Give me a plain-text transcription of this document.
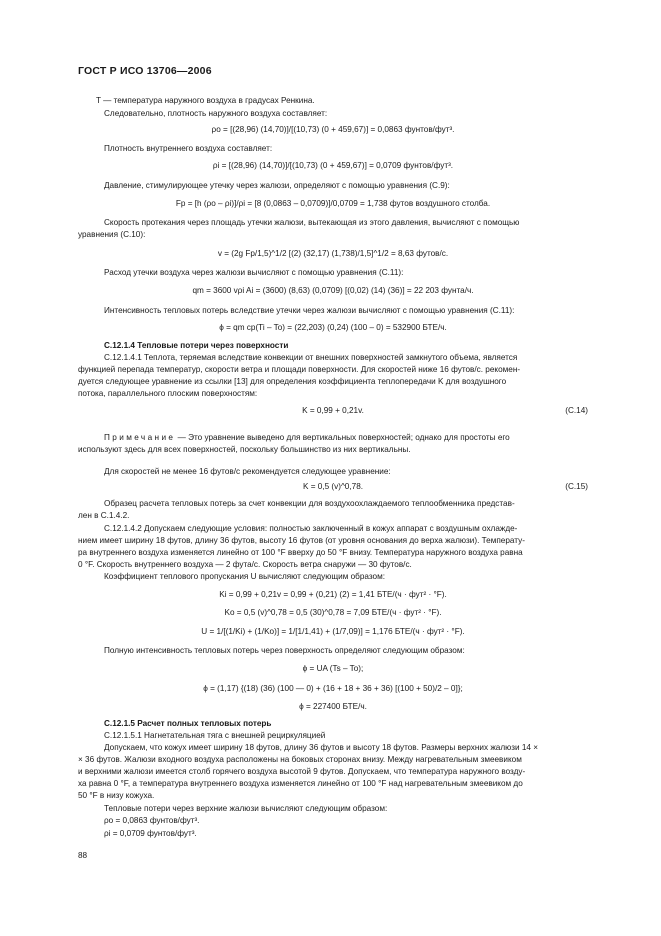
ГОСТ Р ИСО 13706—2006
T — температура наружного воздуха в градусах Ренкина.
Следовательно, плотность наружного воздуха составляет:
ρo = [(28,96) (14,70)]/[(10,73) (0 + 459,67)] = 0,0863 фунтов/фут³.
Плотность внутреннего воздуха составляет:
ρi = [(28,96) (14,70)]/[(10,73) (0 + 459,67)] = 0,0709 фунтов/фут³.
Давление, стимулирующее утечку через жалюзи, определяют с помощью уравнения (С.9):
Fp = [h (ρo – ρi)]/ρi = [8 (0,0863 – 0,0709)]/0,0709 = 1,738 футов воздушного столба.
Скорость протекания через площадь утечки жалюзи, вытекающая из этого давления, вычисляют с помощью
уравнения (С.10):
v = (2g Fp/1,5)^1/2 [(2) (32,17) (1,738)/1,5]^1/2 = 8,63 футов/с.
Расход утечки воздуха через жалюзи вычисляют с помощью уравнения (С.11):
qm = 3600 vρi Ai = (3600) (8,63) (0,0709) [(0,02) (14) (36)] = 22 203 фунта/ч.
Интенсивность тепловых потерь вследствие утечки через жалюзи вычисляют с помощью уравнения (С.11):
ϕ = qm cp(Ti – To) = (22,203) (0,24) (100 – 0) = 532900 БТЕ/ч.
С.12.1.4 Тепловые потери через поверхности
С.12.1.4.1 Теплота, теряемая вследствие конвекции от внешних поверхностей замкнутого объема, является
функцией перепада температур, скорости ветра и площади поверхности. Для скоростей ниже 16 футов/с. рекомен-
дуется следующее уравнение из ссылки [13] для определения коэффициента теплопередачи K для воздушного
потока, параллельного плоским поверхностям:
K = 0,99 + 0,21v.	(С.14)
Примечание — Это уравнение выведено для вертикальных поверхностей; однако для простоты его
используют здесь для всех поверхностей, поскольку большинство из них вертикальны.
Для скоростей не менее 16 футов/с рекомендуется следующее уравнение:
K = 0,5 (v)^0,78.	(С.15)
Образец расчета тепловых потерь за счет конвекции для воздухоохлаждаемого теплообменника представ-
лен в С.1.4.2.
С.12.1.4.2 Допускаем следующие условия: полностью заключенный в кожух аппарат с воздушным охлажде-
нием имеет ширину 18 футов, длину 36 футов, высоту 16 футов (от уровня основания до верха жалюзи). Температу-
ра внутреннего воздуха изменяется линейно от 100 °F вверху до 50 °F внизу. Температура наружного воздуха равна
0 °F. Скорость внутреннего воздуха — 2 фута/с. Скорость ветра снаружи — 30 футов/с.
Коэффициент теплового пропускания U вычисляют следующим образом:
Ki = 0,99 + 0,21v = 0,99 + (0,21) (2) = 1,41 БТЕ/(ч · фут² · °F).
Ko = 0,5 (v)^0,78 = 0,5 (30)^0,78 = 7,09 БТЕ/(ч · фут² · °F).
U = 1/[(1/Ki) + (1/Ko)] = 1/[1/1,41) + (1/7,09)] = 1,176 БТЕ/(ч · фут² · °F).
Полную интенсивность тепловых потерь через поверхность определяют следующим образом:
ϕ = UA (Ts – To);
ϕ = (1,17) {(18) (36) (100 — 0) + (16 + 18 + 36 + 36) [(100 + 50)/2 – 0]};
ϕ = 227400 БТЕ/ч.
С.12.1.5 Расчет полных тепловых потерь
С.12.1.5.1 Нагнетательная тяга с внешней рециркуляцией
Допускаем, что кожух имеет ширину 18 футов, длину 36 футов и высоту 18 футов. Размеры верхних жалюзи 14 ×
× 36 футов. Жалюзи входного воздуха расположены на боковых сторонах внизу. Между нагревательным змеевиком
и верхними жалюзи имеется столб горячего воздуха высотой 9 футов. Допускаем, что температура наружного возду-
ха равна 0 °F, а температура внутреннего воздуха изменяется линейно от 100 °F над нагревательным змеевиком до
50 °F в низу кожуха.
Тепловые потери через верхние жалюзи вычисляют следующим образом:
ρo = 0,0863 фунтов/фут³.
ρi = 0,0709 фунтов/фут³.
88
